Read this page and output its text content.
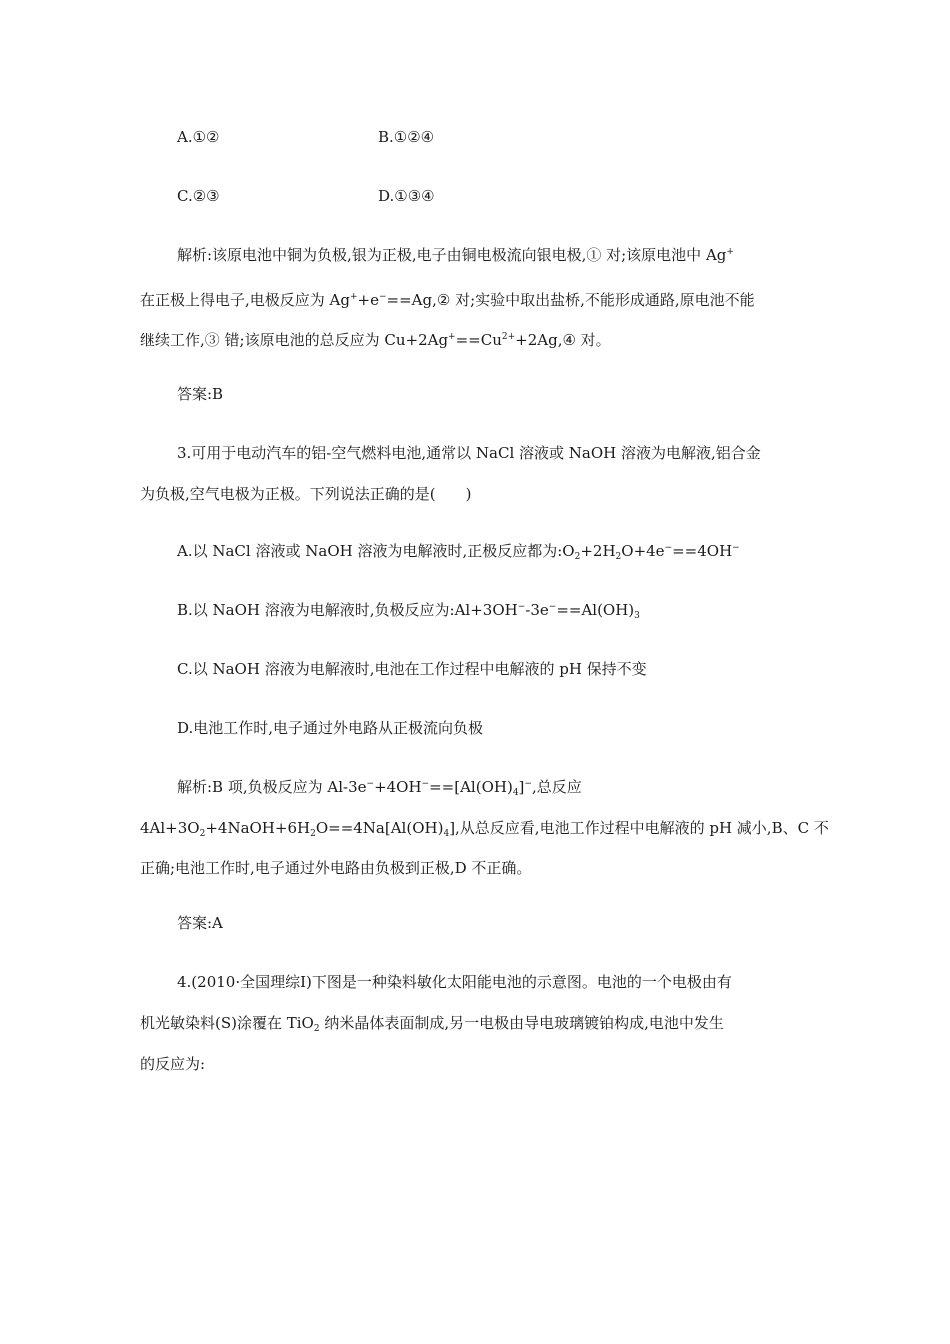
A.①②	B.①②④
C.②③	D.①③④
解析:该原电池中铜为负极,银为正极,电子由铜电极流向银电极,① 对;该原电池中 Ag+
在正极上得电子,电极反应为 Ag++e−==Ag,② 对;实验中取出盐桥,不能形成通路,原电池不能
继续工作,③ 错;该原电池的总反应为 $Cu+2Ag^+==Cu^{2+}+2Ag,④$ 对。
答案:B
3.可用于电动汽车的铝-空气燃料电池,通常以 NaCl 溶液或 NaOH 溶液为电解液,铝合金
为负极,空气电极为正极。下列说法正确的是(　　)
A.以 NaCl 溶液或 NaOH 溶液为电解液时,正极反应都为$:O_2+2H_2O+4e^-==4OH^-$
B.以 NaOH 溶液为电解液时,负极反应为$:Al+3OH^--3e^-==Al(OH)_3$
C.以 NaOH 溶液为电解液时,电池在工作过程中电解液的 pH 保持不变
D.电池工作时,电子通过外电路从正极流向负极
解析:B 项,负极反应为 $Al-3e^-+4OH^-==[Al(OH)_4]^-$,总反应
$4Al+3O_2+4NaOH+6H_2O==4Na[Al(OH)_4]$,从总反应看,电池工作过程中电解液的 pH 减小,B、C 不
正确;电池工作时,电子通过外电路由负极到正极,D 不正确。
答案:A
4.(2010·全国理综Ⅰ)下图是一种染料敏化太阳能电池的示意图。电池的一个电极由有
机光敏染料(S)涂覆在 TiO$_2$ 纳米晶体表面制成,另一电极由导电玻璃镀铂构成,电池中发生
的反应为:
